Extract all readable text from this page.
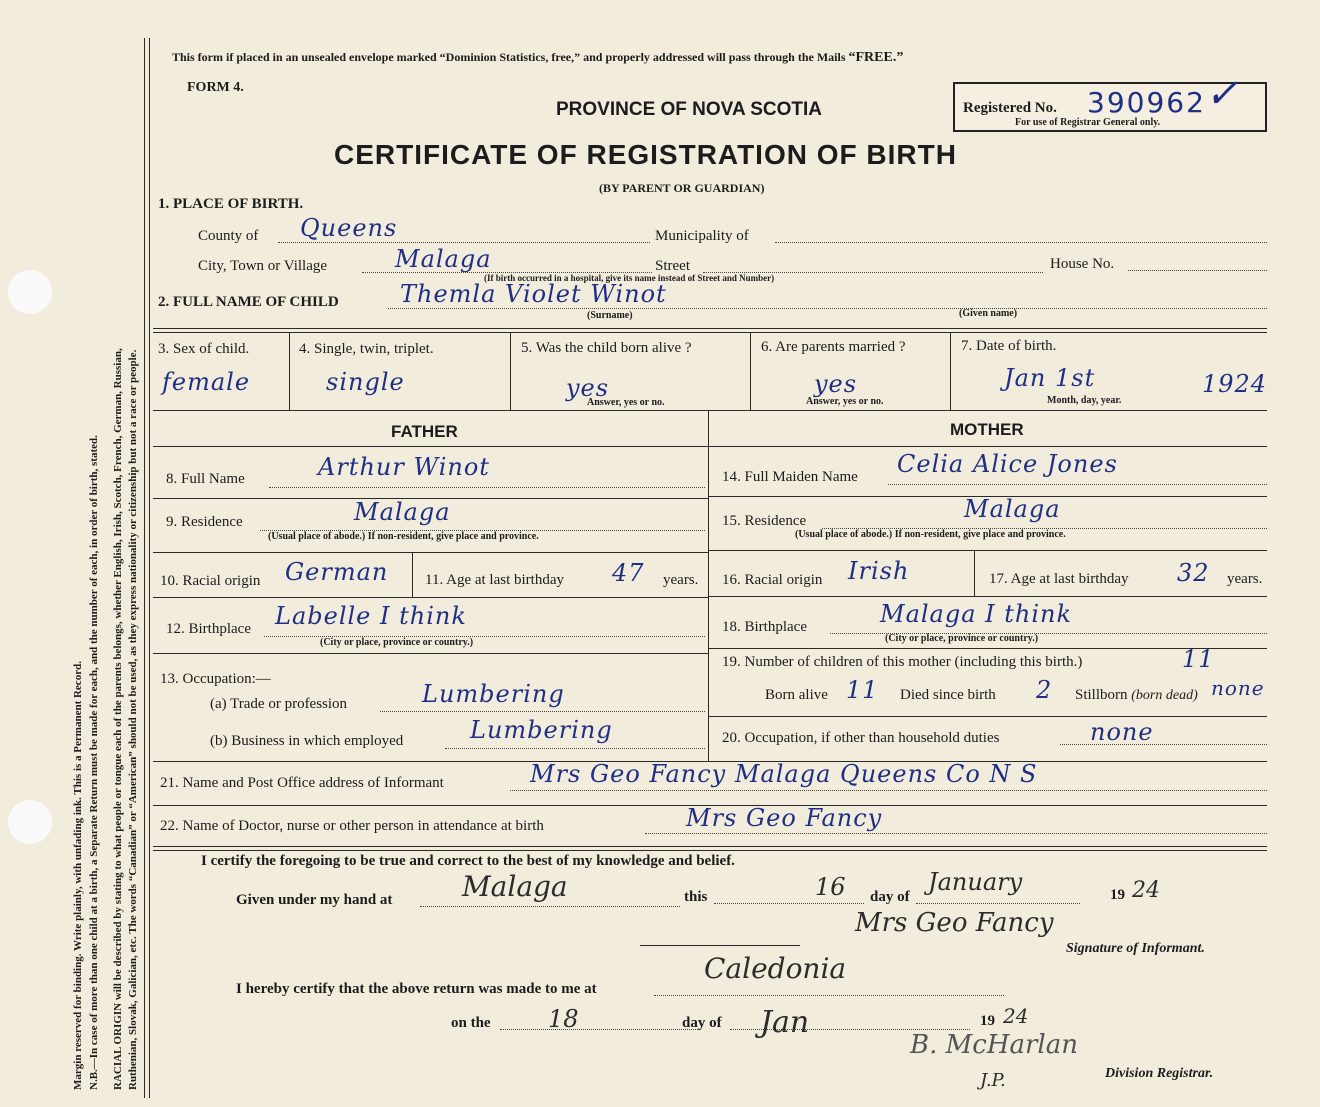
Margin reserved for binding. Write plainly, with unfading ink. This is a Permanent Record. N.B.—In case of more than one child at a birth, a Separate Return must be made for each, and the number of each, in order of birth, stated. RACIAL ORIGIN will be described by stating to what people or tongue each of the parents belongs, whether English, Irish, Scotch, French, German, Russian, Ruthenian, Slovak, Galician, etc. The words “Canadian” or “American” should not be used, as they express nationality or citizenship but not a race or people.
This form if placed in an unsealed envelope marked “Dominion Statistics, free,” and properly addressed will pass through the Mails “FREE.”
FORM 4.
PROVINCE OF NOVA SCOTIA
CERTIFICATE OF REGISTRATION OF BIRTH
(BY PARENT OR GUARDIAN)
Registered No. 390962 ✓
For use of Registrar General only.
1. PLACE OF BIRTH.
County of Queens	Municipality of
City, Town or Village	Malaga	Street	House No.
(If birth occurred in a hospital, give its name instead of Street and Number)
2. FULL NAME OF CHILD	Themla Violet Winot
(Surname)	(Given name)
3. Sex of child.
female
4. Single, twin, triplet.
single
5. Was the child born alive ?
yes
Answer, yes or no.
6. Are parents married ?
yes
Answer, yes or no.
7. Date of birth.
Jan 1st	1924
Month, day, year.
FATHER	MOTHER
8. Full Name	Arthur Winot
9. Residence	Malaga
(Usual place of abode.) If non-resident, give place and province.
10. Racial origin German 11. Age at last birthday 47 years.
12. Birthplace Labelle I think
(City or place, province or country.)
13. Occupation:—
(a) Trade or profession	Lumbering
(b) Business in which employed	Lumbering
14. Full Maiden Name Celia Alice Jones
15. Residence	Malaga
(Usual place of abode.) If non-resident, give place and province.
16. Racial origin Irish	17. Age at last birthday 32 years.
18. Birthplace	Malaga I think
(City or place, province or country.)
19. Number of children of this mother (including this birth.)	11
Born alive 11 Died since birth 2 Stillborn (born dead) none
20. Occupation, if other than household duties	none
21. Name and Post Office address of Informant	Mrs Geo Fancy Malaga Queens Co N S
22. Name of Doctor, nurse or other person in attendance at birth	Mrs Geo Fancy
I certify the foregoing to be true and correct to the best of my knowledge and belief.
Given under my hand at Malaga	this	16 day of
January	19 24
Mrs Geo Fancy
Signature of Informant.
I hereby certify that the above return was made to me at
Caledonia
on the 18	day of Jan	19 24
B. McHarlan
J.P.	Division Registrar.
